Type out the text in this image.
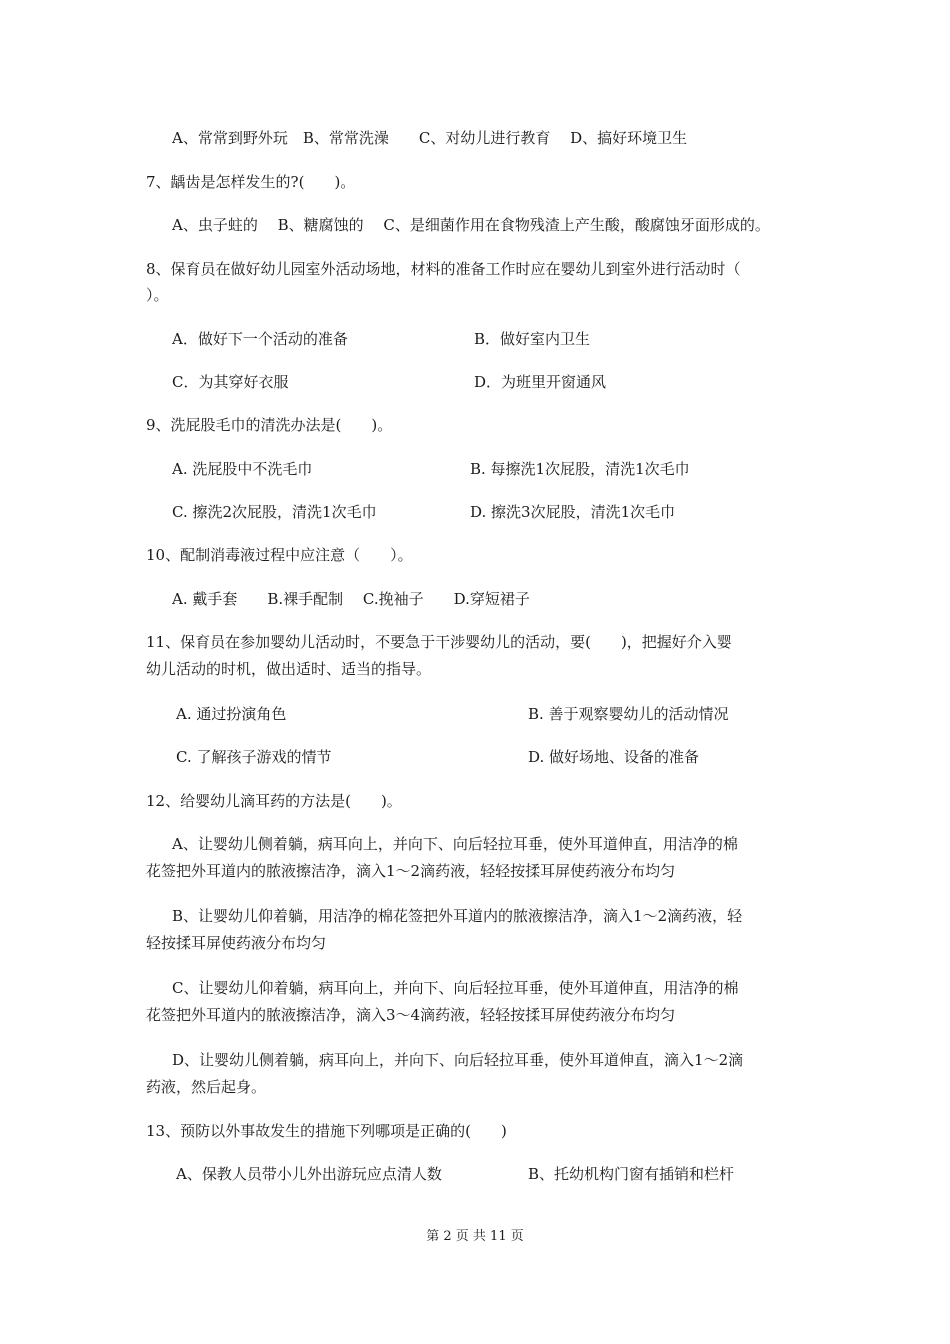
A、常常到野外玩　B、常常洗澡　　C、对幼儿进行教育　 D、搞好环境卫生
7、龋齿是怎样发生的?(　　)。
A、虫子蛀的　 B、糖腐蚀的　 C、是细菌作用在食物残渣上产生酸，酸腐蚀牙面形成的。
8、保育员在做好幼儿园室外活动场地，材料的准备工作时应在婴幼儿到室外进行活动时（
）。
A．做好下一个活动的准备	B．做好室内卫生
C．为其穿好衣服	D．为班里开窗通风
9、洗屁股毛巾的清洗办法是(　　)。
A. 洗屁股中不洗毛巾	B. 每擦洗1次屁股，清洗1次毛巾
C. 擦洗2次屁股，清洗1次毛巾	D. 擦洗3次屁股，清洗1次毛巾
10、配制消毒液过程中应注意（　　）。
A. 戴手套　　B.裸手配制　 C.挽袖子　　D.穿短裙子
11、保育员在参加婴幼儿活动时，不要急于干涉婴幼儿的活动，要(　　)，把握好介入婴
幼儿活动的时机，做出适时、适当的指导。
A. 通过扮演角色	B. 善于观察婴幼儿的活动情况
C. 了解孩子游戏的情节	D. 做好场地、设备的准备
12、给婴幼儿滴耳药的方法是(　　)。
A、让婴幼儿侧着躺，病耳向上，并向下、向后轻拉耳垂，使外耳道伸直，用洁净的棉
花签把外耳道内的脓液擦洁净，滴入1～2滴药液，轻轻按揉耳屏使药液分布均匀
B、让婴幼儿仰着躺，用洁净的棉花签把外耳道内的脓液擦洁净，滴入1～2滴药液，轻
轻按揉耳屏使药液分布均匀
C、让婴幼儿仰着躺，病耳向上，并向下、向后轻拉耳垂，使外耳道伸直，用洁净的棉
花签把外耳道内的脓液擦洁净，滴入3～4滴药液，轻轻按揉耳屏使药液分布均匀
D、让婴幼儿侧着躺，病耳向上，并向下、向后轻拉耳垂，使外耳道伸直，滴入1～2滴
药液，然后起身。
13、预防以外事故发生的措施下列哪项是正确的(　　)
A、保教人员带小儿外出游玩应点清人数	B、托幼机构门窗有插销和栏杆
第 2 页 共 11 页
